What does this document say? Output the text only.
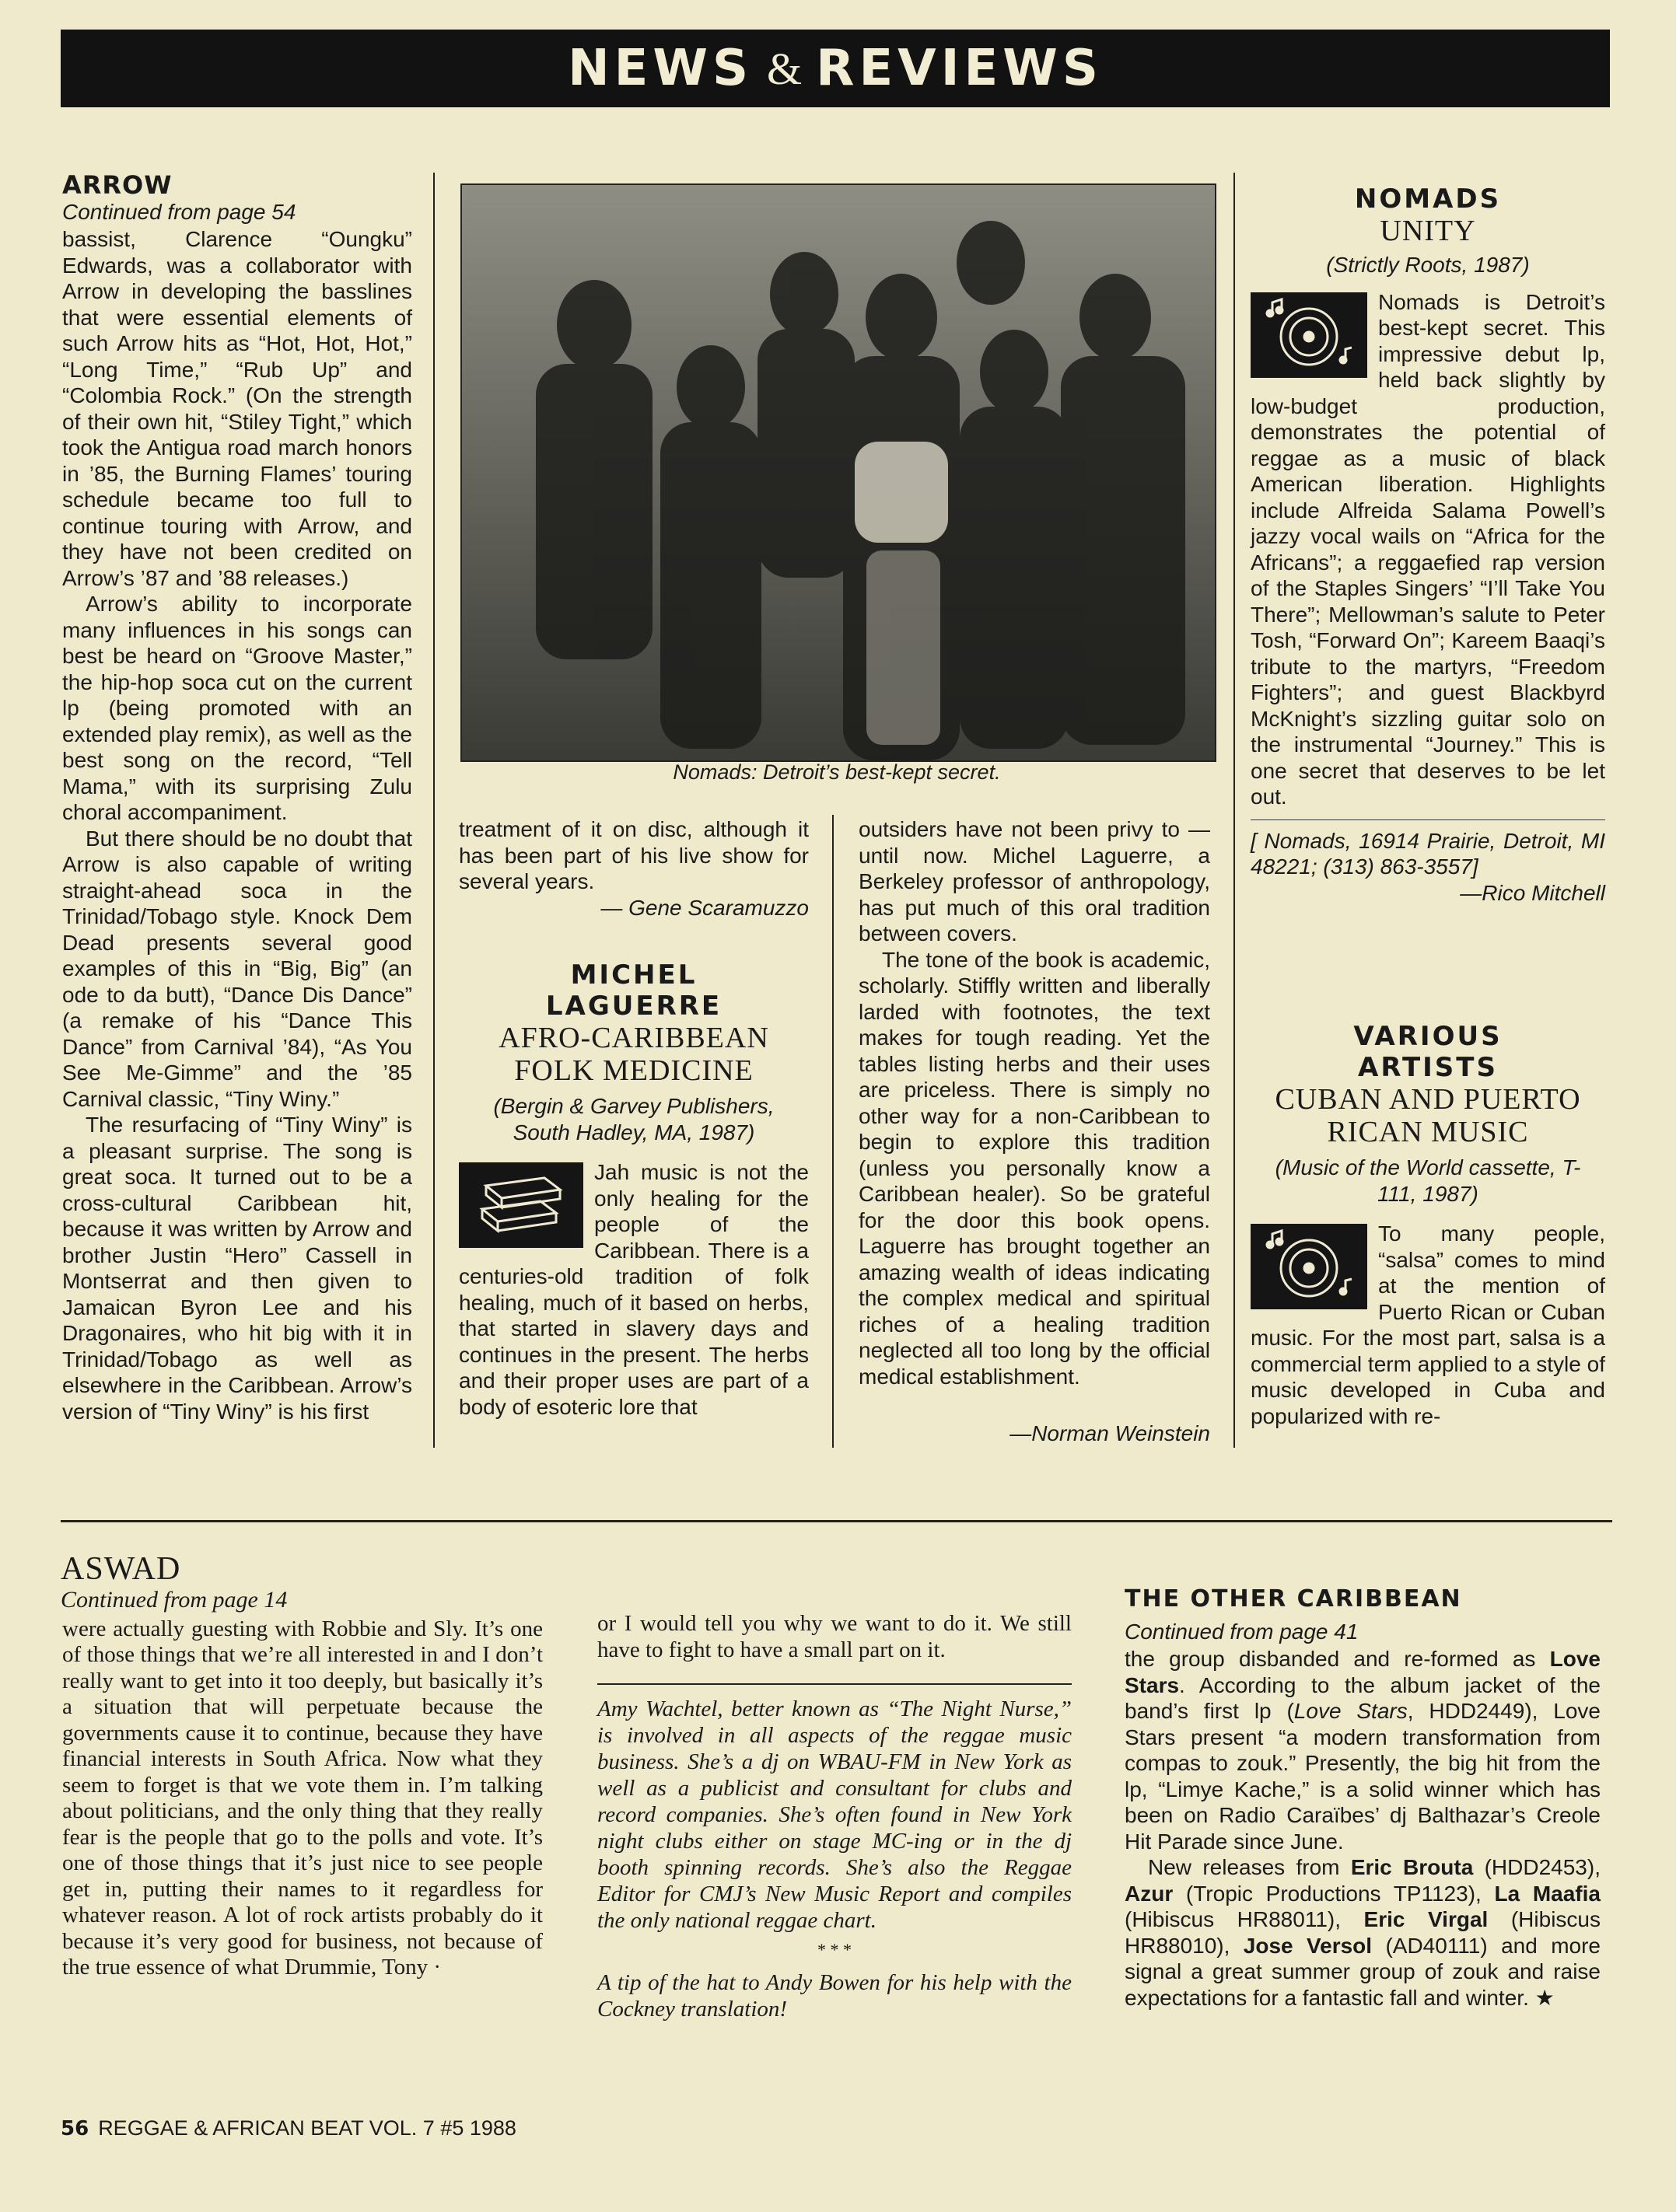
NEWS & REVIEWS
ARROW
Continued from page 54

bassist, Clarence “Oungku” Edwards, was a collaborator with Arrow in developing the basslines that were essential elements of such Arrow hits as “Hot, Hot, Hot,” “Long Time,” “Rub Up” and “Colombia Rock.” (On the strength of their own hit, “Stiley Tight,” which took the Antigua road march honors in ’85, the Burning Flames’ touring schedule became too full to continue touring with Arrow, and they have not been credited on Arrow’s ’87 and ’88 releases.)

Arrow’s ability to incorporate many influences in his songs can best be heard on “Groove Master,” the hip-hop soca cut on the current lp (being promoted with an extended play remix), as well as the best song on the record, “Tell Mama,” with its surprising Zulu choral accompaniment.

But there should be no doubt that Arrow is also capable of writing straight-ahead soca in the Trinidad/Tobago style. Knock Dem Dead presents several good examples of this in “Big, Big” (an ode to da butt), “Dance Dis Dance” (a remake of his “Dance This Dance” from Carnival ’84), “As You See Me-Gimme” and the ’85 Carnival classic, “Tiny Winy.”

The resurfacing of “Tiny Winy” is a pleasant surprise. The song is great soca. It turned out to be a cross-cultural Caribbean hit, because it was written by Arrow and brother Justin “Hero” Cassell in Montserrat and then given to Jamaican Byron Lee and his Dragonaires, who hit big with it in Trinidad/Tobago as well as elsewhere in the Caribbean. Arrow’s version of “Tiny Winy” is his first

Nomads: Detroit’s best-kept secret.

treatment of it on disc, although it has been part of his live show for several years.

— Gene Scaramuzzo
MICHEL
LAGUERRE
AFRO-CARIBBEAN FOLK MEDICINE
(Bergin & Garvey Publishers, South Hadley, MA, 1987)

Jah music is not the only healing for the people of the Caribbean. There is a centuries-old tradition of folk healing, much of it based on herbs, that started in slavery days and continues in the present. The herbs and their proper uses are part of a body of esoteric lore that

outsiders have not been privy to — until now. Michel Laguerre, a Berkeley professor of anthropology, has put much of this oral tradition between covers.

The tone of the book is academic, scholarly. Stiffly written and liberally larded with footnotes, the text makes for tough reading. Yet the tables listing herbs and their uses are priceless. There is simply no other way for a non-Caribbean to begin to explore this tradition (unless you personally know a Caribbean healer). So be grateful for the door this book opens. Laguerre has brought together an amazing wealth of ideas indicating the complex medical and spiritual riches of a healing tradition neglected all too long by the official medical establishment.

—Norman Weinstein
NOMADS
UNITY
(Strictly Roots, 1987)

Nomads is Detroit’s best-kept secret. This impressive debut lp, held back slightly by low-budget production, demonstrates the potential of reggae as a music of black American liberation. Highlights include Alfreida Salama Powell’s jazzy vocal wails on “Africa for the Africans”; a reggaefied rap version of the Staples Singers’ “I’ll Take You There”; Mellowman’s salute to Peter Tosh, “Forward On”; Kareem Baaqi’s tribute to the martyrs, “Freedom Fighters”; and guest Blackbyrd McKnight’s sizzling guitar solo on the instrumental “Journey.” This is one secret that deserves to be let out.

[ Nomads, 16914 Prairie, Detroit, MI 48221; (313) 863-3557]
—Rico Mitchell
VARIOUS
ARTISTS
CUBAN AND PUERTO RICAN MUSIC
(Music of the World cassette, T-111, 1987)

To many people, “salsa” comes to mind at the mention of Puerto Rican or Cuban music. For the most part, salsa is a commercial term applied to a style of music developed in Cuba and popularized with re-

ASWAD
Continued from page 14

were actually guesting with Robbie and Sly. It’s one of those things that we’re all interested in and I don’t really want to get into it too deeply, but basically it’s a situation that will perpetuate because the governments cause it to continue, because they have financial interests in South Africa. Now what they seem to forget is that we vote them in. I’m talking about politicians, and the only thing that they really fear is the people that go to the polls and vote. It’s one of those things that it’s just nice to see people get in, putting their names to it regardless for whatever reason. A lot of rock artists probably do it because it’s very good for business, not because of the true essence of what Drummie, Tony ·

or I would tell you why we want to do it. We still have to fight to have a small part on it.

Amy Wachtel, better known as “The Night Nurse,” is involved in all aspects of the reggae music business. She’s a dj on WBAU-FM in New York as well as a publicist and consultant for clubs and record companies. She’s often found in New York night clubs either on stage MC-ing or in the dj booth spinning records. She’s also the Reggae Editor for CMJ’s New Music Report and compiles the only national reggae chart.
* * *
A tip of the hat to Andy Bowen for his help with the Cockney translation!
THE OTHER CARIBBEAN
Continued from page 41

the group disbanded and re-formed as Love Stars. According to the album jacket of the band’s first lp (Love Stars, HDD2449), Love Stars present “a modern transformation from compas to zouk.” Presently, the big hit from the lp, “Limye Kache,” is a solid winner which has been on Radio Caraïbes’ dj Balthazar’s Creole Hit Parade since June.

New releases from Eric Brouta (HDD2453), Azur (Tropic Productions TP1123), La Maafia (Hibiscus HR88011), Eric Virgal (Hibiscus HR88010), Jose Versol (AD40111) and more signal a great summer group of zouk and raise expectations for a fantastic fall and winter. ★

56 REGGAE & AFRICAN BEAT VOL. 7 #5 1988
